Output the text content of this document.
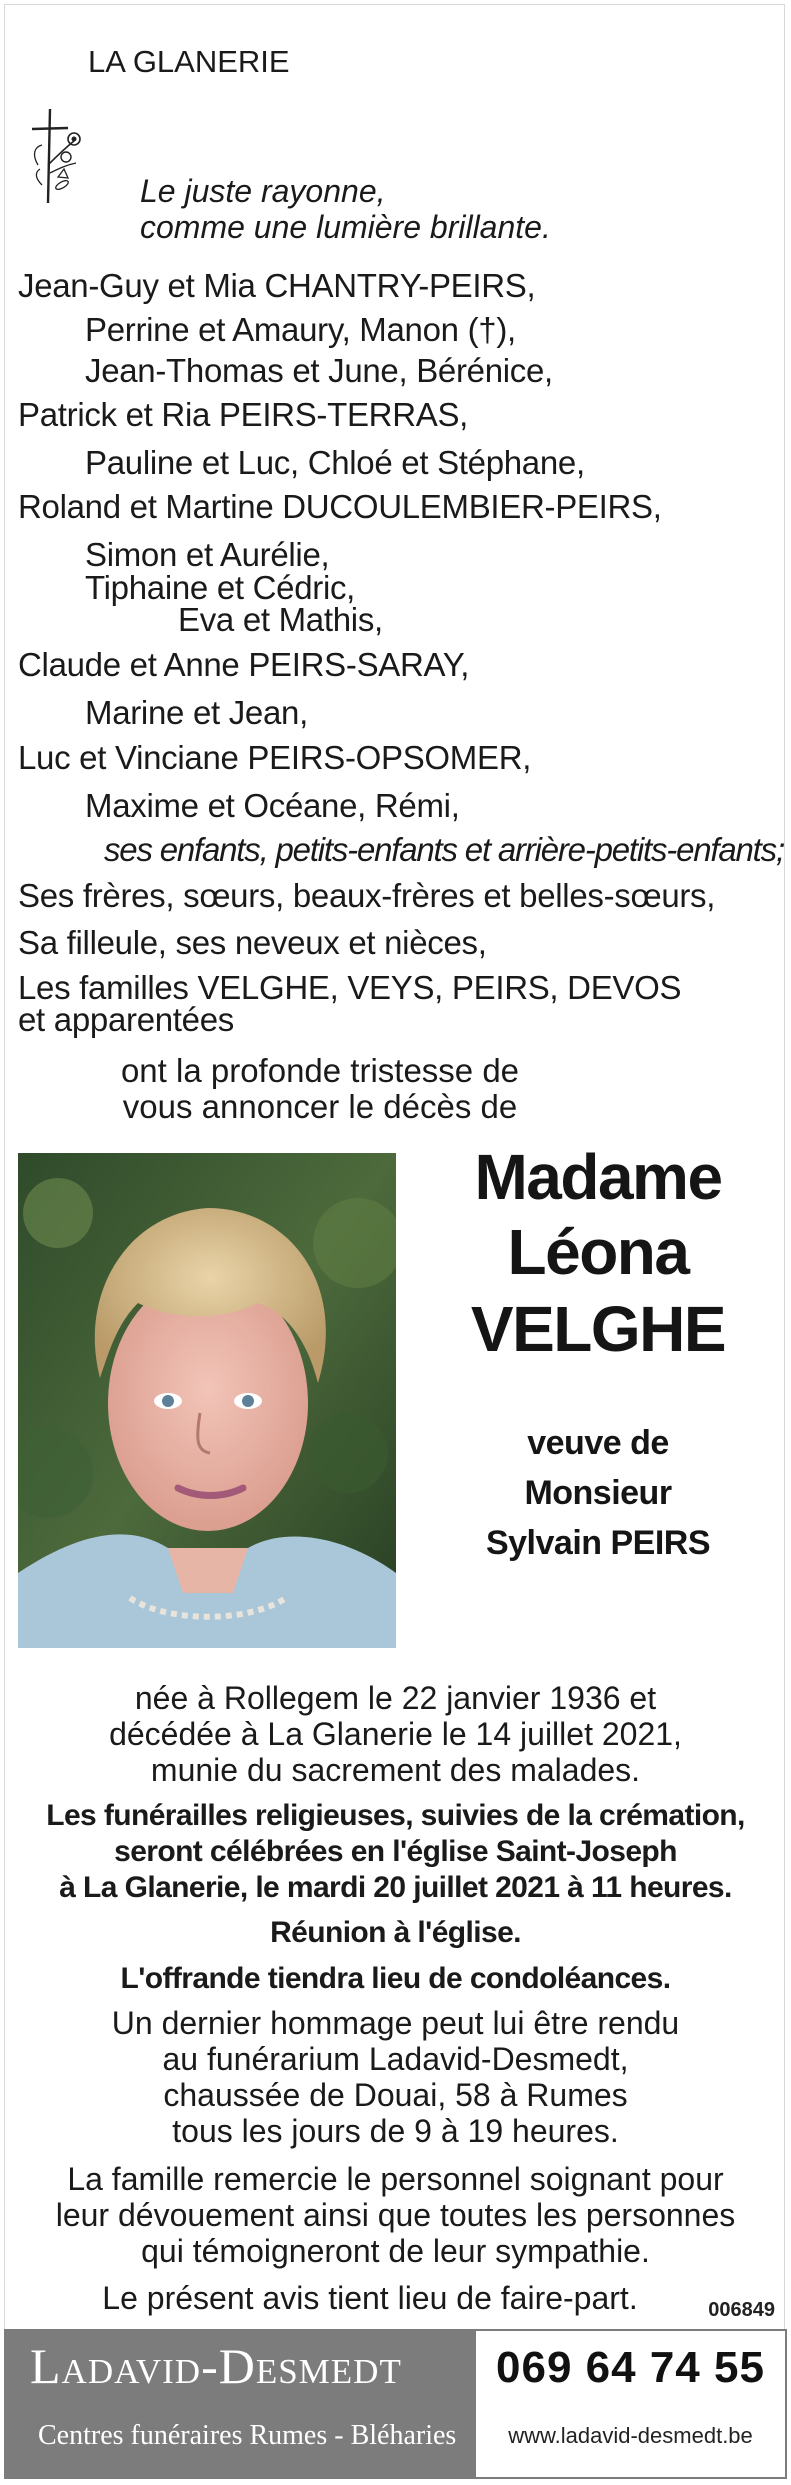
LA GLANERIE
Le juste rayonne,
comme une lumière brillante.
Jean-Guy et Mia CHANTRY-PEIRS,
Perrine et Amaury, Manon (†),
Jean-Thomas et June, Bérénice,
Patrick et Ria PEIRS-TERRAS,
Pauline et Luc, Chloé et Stéphane,
Roland et Martine DUCOULEMBIER-PEIRS,
Simon et Aurélie,
Tiphaine et Cédric,
Eva et Mathis,
Claude et Anne PEIRS-SARAY,
Marine et Jean,
Luc et Vinciane PEIRS-OPSOMER,
Maxime et Océane, Rémi,
ses enfants, petits-enfants et arrière-petits-enfants;
Ses frères, sœurs, beaux-frères et belles-sœurs,
Sa filleule, ses neveux et nièces,
Les familles VELGHE, VEYS, PEIRS, DEVOS
et apparentées
ont la profonde tristesse de
vous annoncer le décès de
Madame
Léona
VELGHE
veuve de
Monsieur
Sylvain PEIRS
née à Rollegem le 22 janvier 1936 et
décédée à La Glanerie le 14 juillet 2021,
munie du sacrement des malades.
Les funérailles religieuses, suivies de la crémation,
seront célébrées en l'église Saint-Joseph
à La Glanerie, le mardi 20 juillet 2021 à 11 heures.
Réunion à l'église.
L'offrande tiendra lieu de condoléances.
Un dernier hommage peut lui être rendu
au funérarium Ladavid-Desmedt,
chaussée de Douai, 58 à Rumes
tous les jours de 9 à 19 heures.
La famille remercie le personnel soignant pour
leur dévouement ainsi que toutes les personnes
qui témoigneront de leur sympathie.
Le présent avis tient lieu de faire-part.	006849
Ladavid-Desmedt
Centres funéraires Rumes - Bléharies
069 64 74 55
www.ladavid-desmedt.be
